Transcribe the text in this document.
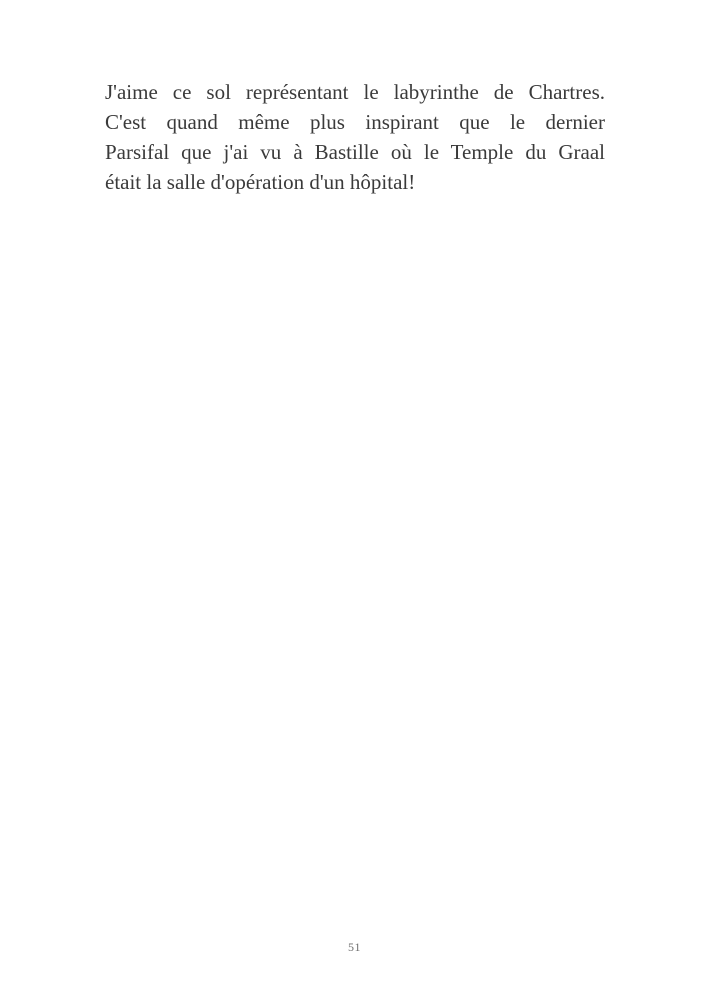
J'aime ce sol représentant le labyrinthe de Chartres.
C'est quand même plus inspirant que le dernier
Parsifal que j'ai vu à Bastille où le Temple du Graal
était la salle d'opération d'un hôpital!
51
